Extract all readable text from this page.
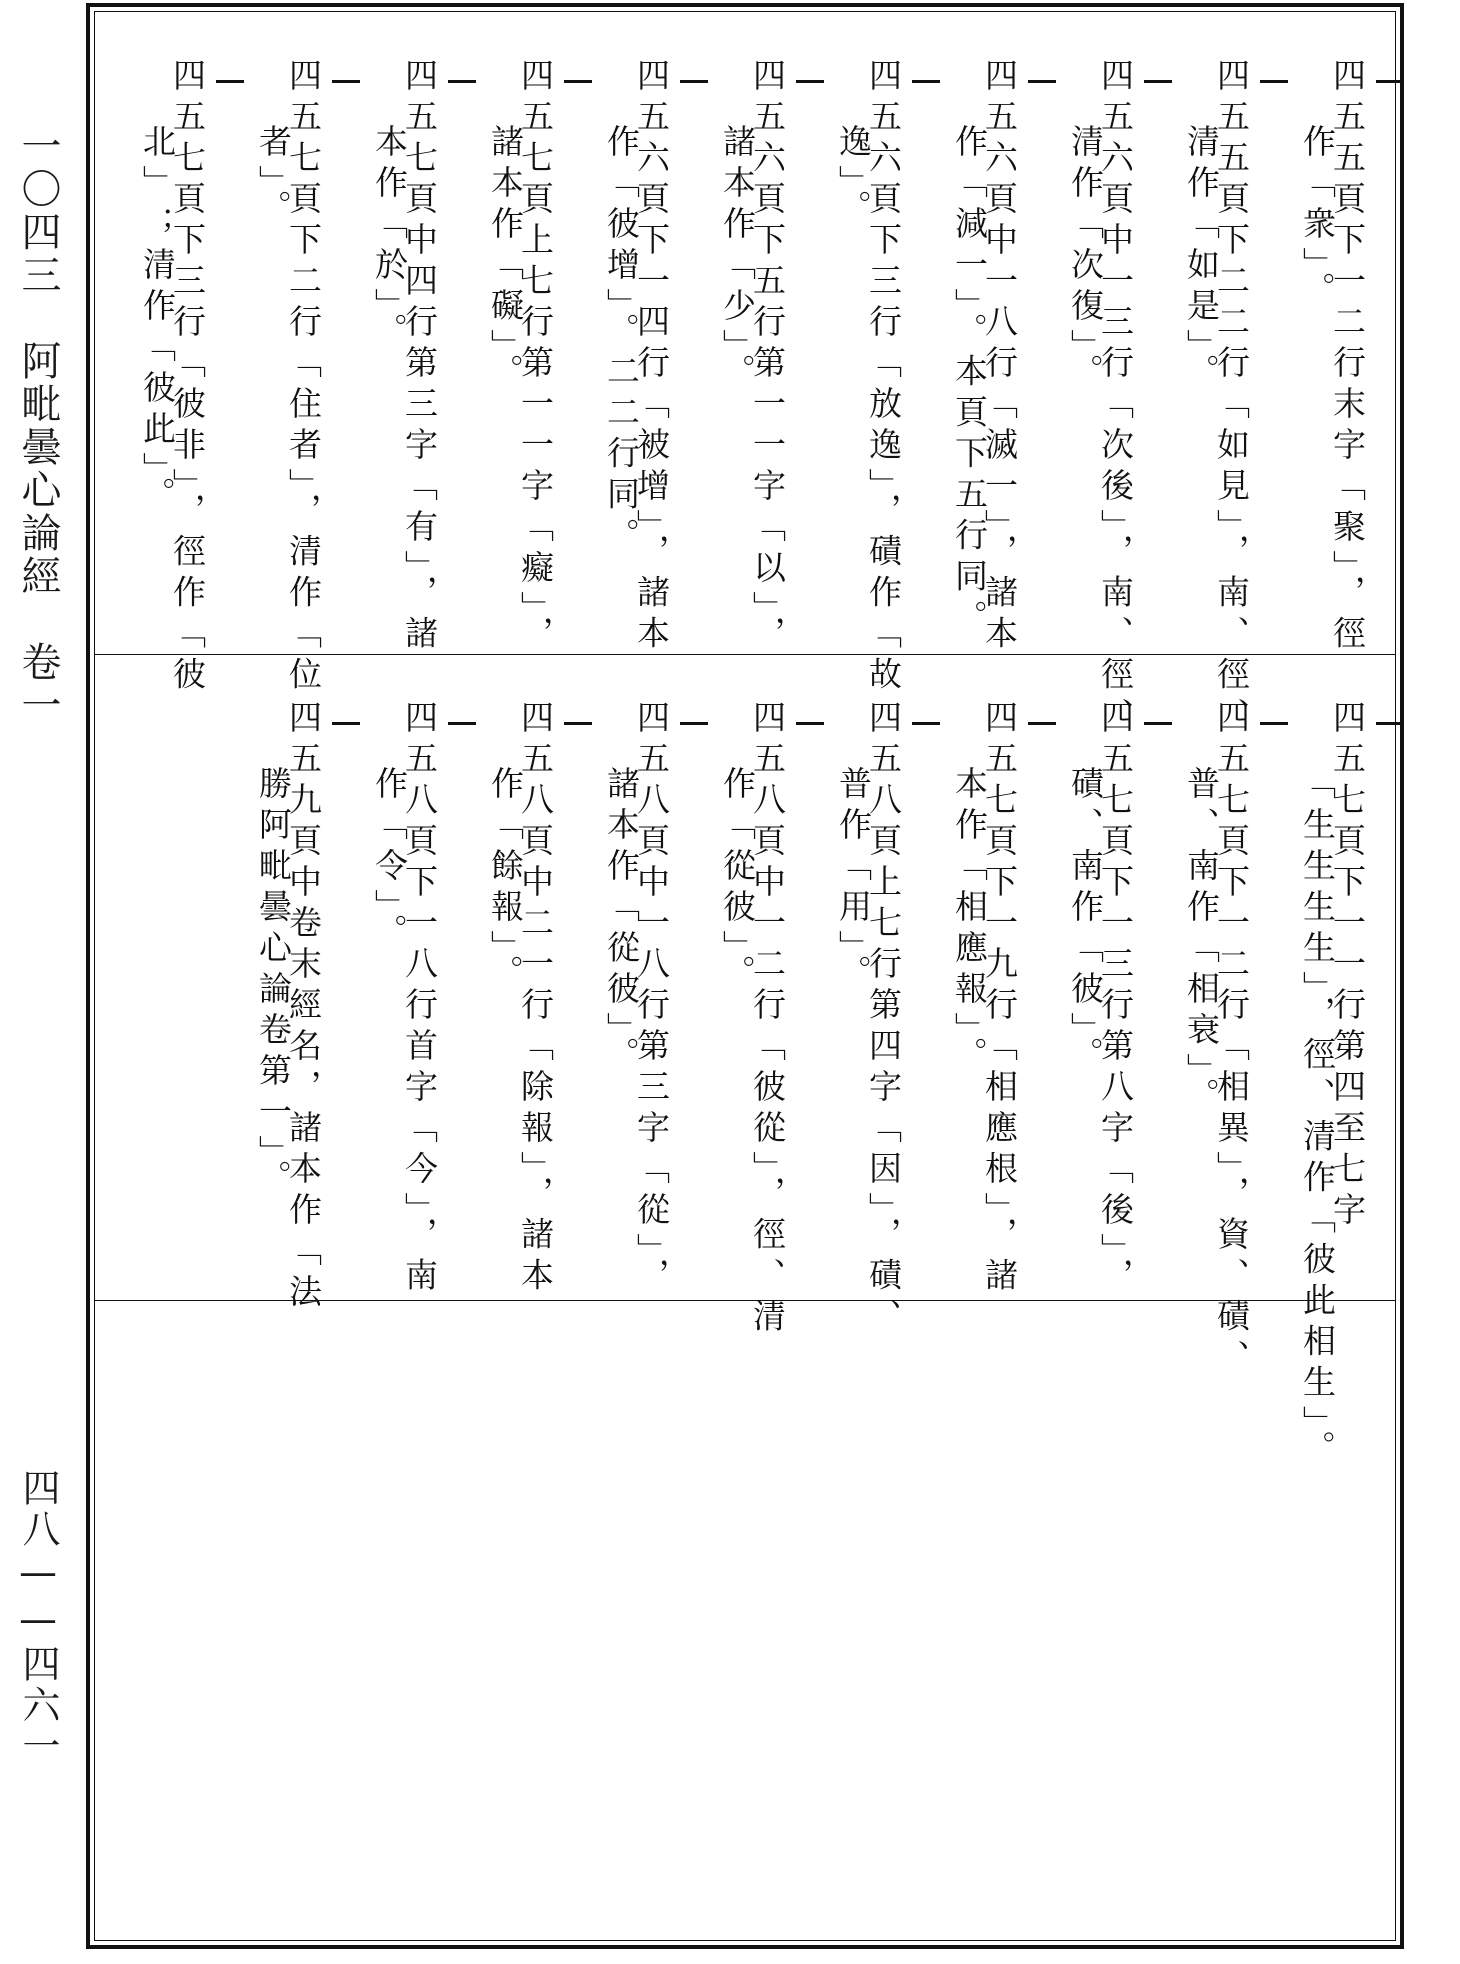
一〇四三　阿毗曇心論經　卷一
四八——四六一
四五五頁下一二行末字「聚」，徑
作「衆」。
四五五頁下二二行「如見」，南、徑、
清作「如是」。
四五六頁中一三行「次後」，南、徑、
清作「次復」。
四五六頁中一八行「滅一」，諸本
作「減一」。本頁下五行同。
四五六頁下三行「放逸」，磧作「故
逸」。
四五六頁下五行第一一字「以」，
諸本作「少」。
四五六頁下一四行「被增」，諸本
作「彼增」。二二行同。
四五七頁上七行第一一字「癡」，
諸本作「礙」。
四五七頁中四行第三字「有」，諸
本作「於」。
四五七頁下二行「住者」，清作「位
者」。
四五七頁下三行「彼非」，徑作「彼
北」；清作「彼此」。
四五七頁下一一行第四至七字
「生生生生」，徑、清作「彼此相生」。
四五七頁下一二行「相異」，資、磧、
普、南作「相衰」。
四五七頁下一三行第八字「後」，
磧、南作「彼」。
四五七頁下一九行「相應根」，諸
本作「相應報」。
四五八頁上七行第四字「因」，磧、
普作「用」。
四五八頁中一二行「彼從」，徑、清
作「從彼」。
四五八頁中一八行第三字「從」，
諸本作「從彼」。
四五八頁中二一行「除報」，諸本
作「餘報」。
四五八頁下一八行首字「今」，南
作「令」。
四五九頁中卷末經名，諸本作「法
勝阿毗曇心論卷第一」。
